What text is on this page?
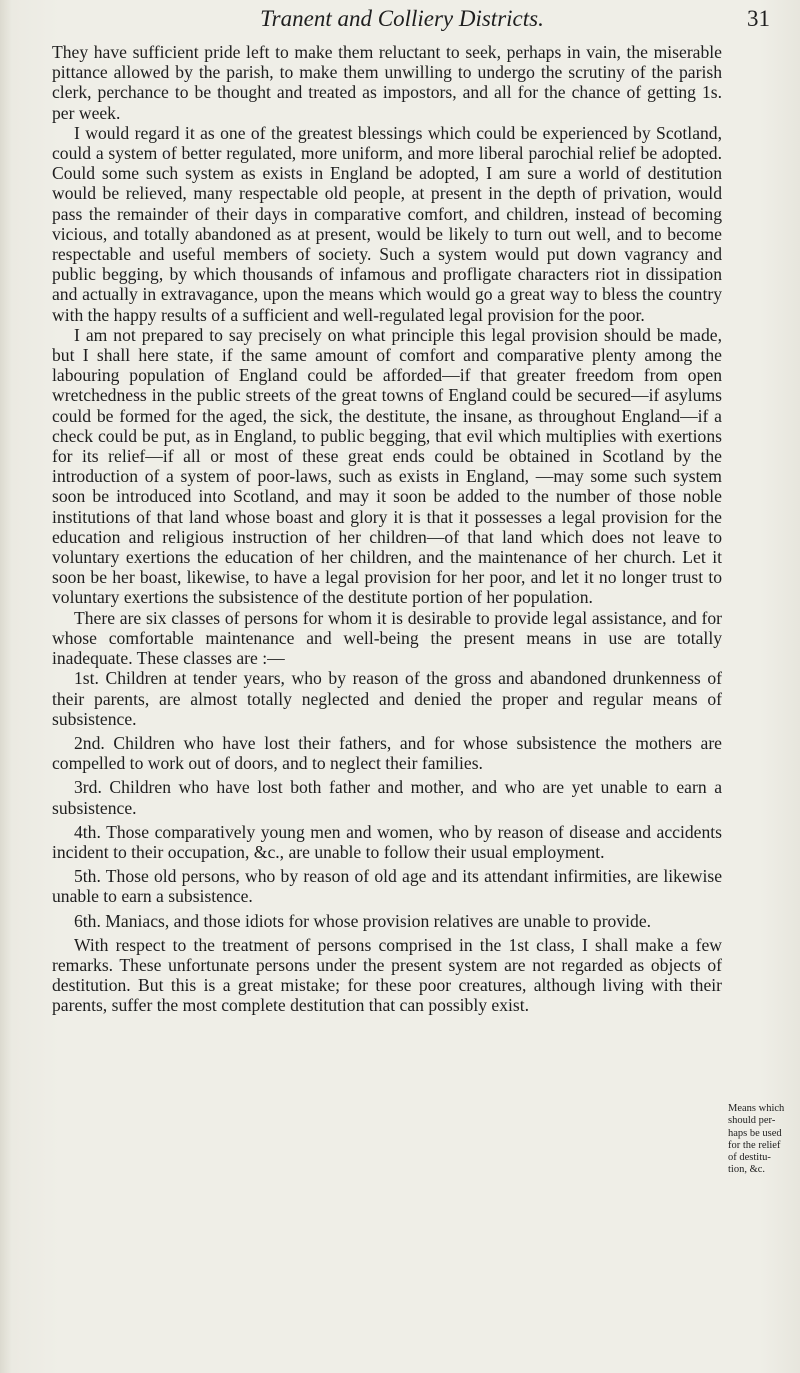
Tranent and Colliery Districts.	31

They have sufficient pride left to make them reluctant to seek, perhaps in vain, the miserable pittance allowed by the parish, to make them unwilling to undergo the scrutiny of the parish clerk, perchance to be thought and treated as impostors, and all for the chance of getting 1s. per week.

I would regard it as one of the greatest blessings which could be experienced by Scotland, could a system of better regulated, more uniform, and more liberal parochial relief be adopted. Could some such system as exists in England be adopted, I am sure a world of destitution would be relieved, many respectable old people, at present in the depth of privation, would pass the remainder of their days in comparative comfort, and children, instead of becoming vicious, and totally abandoned as at present, would be likely to turn out well, and to become respectable and useful members of society. Such a system would put down vagrancy and public begging, by which thousands of infamous and profligate characters riot in dissipation and actually in extravagance, upon the means which would go a great way to bless the country with the happy results of a sufficient and well-regulated legal provision for the poor.

I am not prepared to say precisely on what principle this legal provision should be made, but I shall here state, if the same amount of comfort and comparative plenty among the labouring population of England could be afforded—if that greater freedom from open wretchedness in the public streets of the great towns of England could be secured—if asylums could be formed for the aged, the sick, the destitute, the insane, as throughout England—if a check could be put, as in England, to public begging, that evil which multiplies with exertions for its relief—if all or most of these great ends could be obtained in Scotland by the introduction of a system of poor-laws, such as exists in England, —may some such system soon be introduced into Scotland, and may it soon be added to the number of those noble institutions of that land whose boast and glory it is that it possesses a legal provision for the education and religious instruction of her children—of that land which does not leave to voluntary exertions the education of her children, and the maintenance of her church. Let it soon be her boast, likewise, to have a legal provision for her poor, and let it no longer trust to voluntary exertions the subsistence of the destitute portion of her population.

There are six classes of persons for whom it is desirable to provide legal assistance, and for whose comfortable maintenance and well-being the present means in use are totally inadequate. These classes are :—

1st. Children at tender years, who by reason of the gross and abandoned drunkenness of their parents, are almost totally neglected and denied the proper and regular means of subsistence.

2nd. Children who have lost their fathers, and for whose subsistence the mothers are compelled to work out of doors, and to neglect their families.

3rd. Children who have lost both father and mother, and who are yet unable to earn a subsistence.

4th. Those comparatively young men and women, who by reason of disease and accidents incident to their occupation, &c., are unable to follow their usual employment.

5th. Those old persons, who by reason of old age and its attendant infirmities, are likewise unable to earn a subsistence.

6th. Maniacs, and those idiots for whose provision relatives are unable to provide.

With respect to the treatment of persons comprised in the 1st class, I shall make a few remarks. These unfortunate persons under the present system are not regarded as objects of destitution. But this is a great mistake; for these poor creatures, although living with their parents, suffer the most complete destitution that can possibly exist.

Means which
should per-
haps be used
for the relief
of destitu-
tion, &c.
